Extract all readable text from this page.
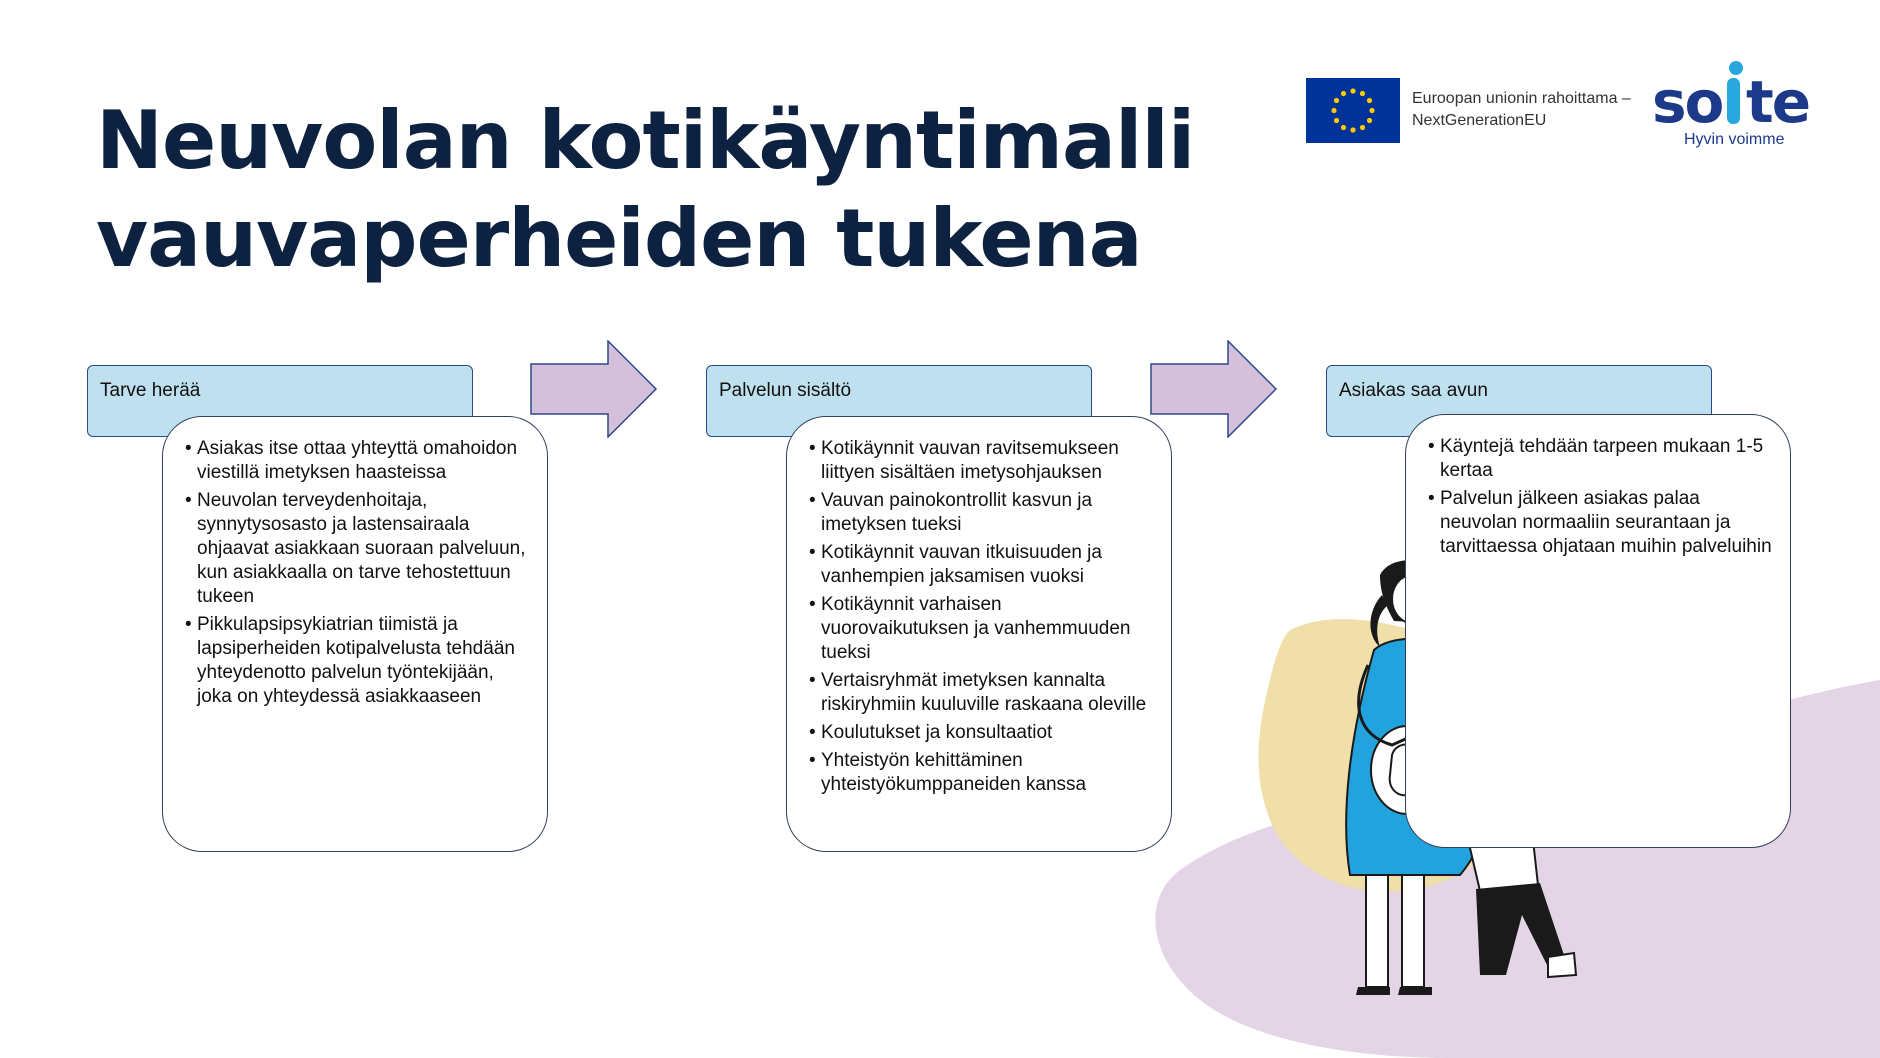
Neuvolan kotikäyntimalli
vauvaperheiden tukena
Euroopan unionin rahoittama –
NextGenerationEU	so te
Hyvin voimme
Tarve herää
• Asiakas itse ottaa yhteyttä omahoidon viestillä imetyksen haasteissa
• Neuvolan terveydenhoitaja, synnytysosasto ja lastensairaala ohjaavat asiakkaan suoraan palveluun, kun asiakkaalla on tarve tehostettuun tukeen
• Pikkulapsipsykiatrian tiimistä ja lapsiperheiden kotipalvelusta tehdään yhteydenotto palvelun työntekijään, joka on yhteydessä asiakkaaseen
Palvelun sisältö
• Kotikäynnit vauvan ravitsemukseen liittyen sisältäen imetysohjauksen
• Vauvan painokontrollit kasvun ja imetyksen tueksi
• Kotikäynnit vauvan itkuisuuden ja vanhempien jaksamisen vuoksi
• Kotikäynnit varhaisen vuorovaikutuksen ja vanhemmuuden tueksi
• Vertaisryhmät imetyksen kannalta riskiryhmiin kuuluville raskaana oleville
• Koulutukset ja konsultaatiot
• Yhteistyön kehittäminen yhteistyökumppaneiden kanssa
Asiakas saa avun
• Käyntejä tehdään tarpeen mukaan 1-5 kertaa
• Palvelun jälkeen asiakas palaa neuvolan normaaliin seurantaan ja tarvittaessa ohjataan muihin palveluihin
